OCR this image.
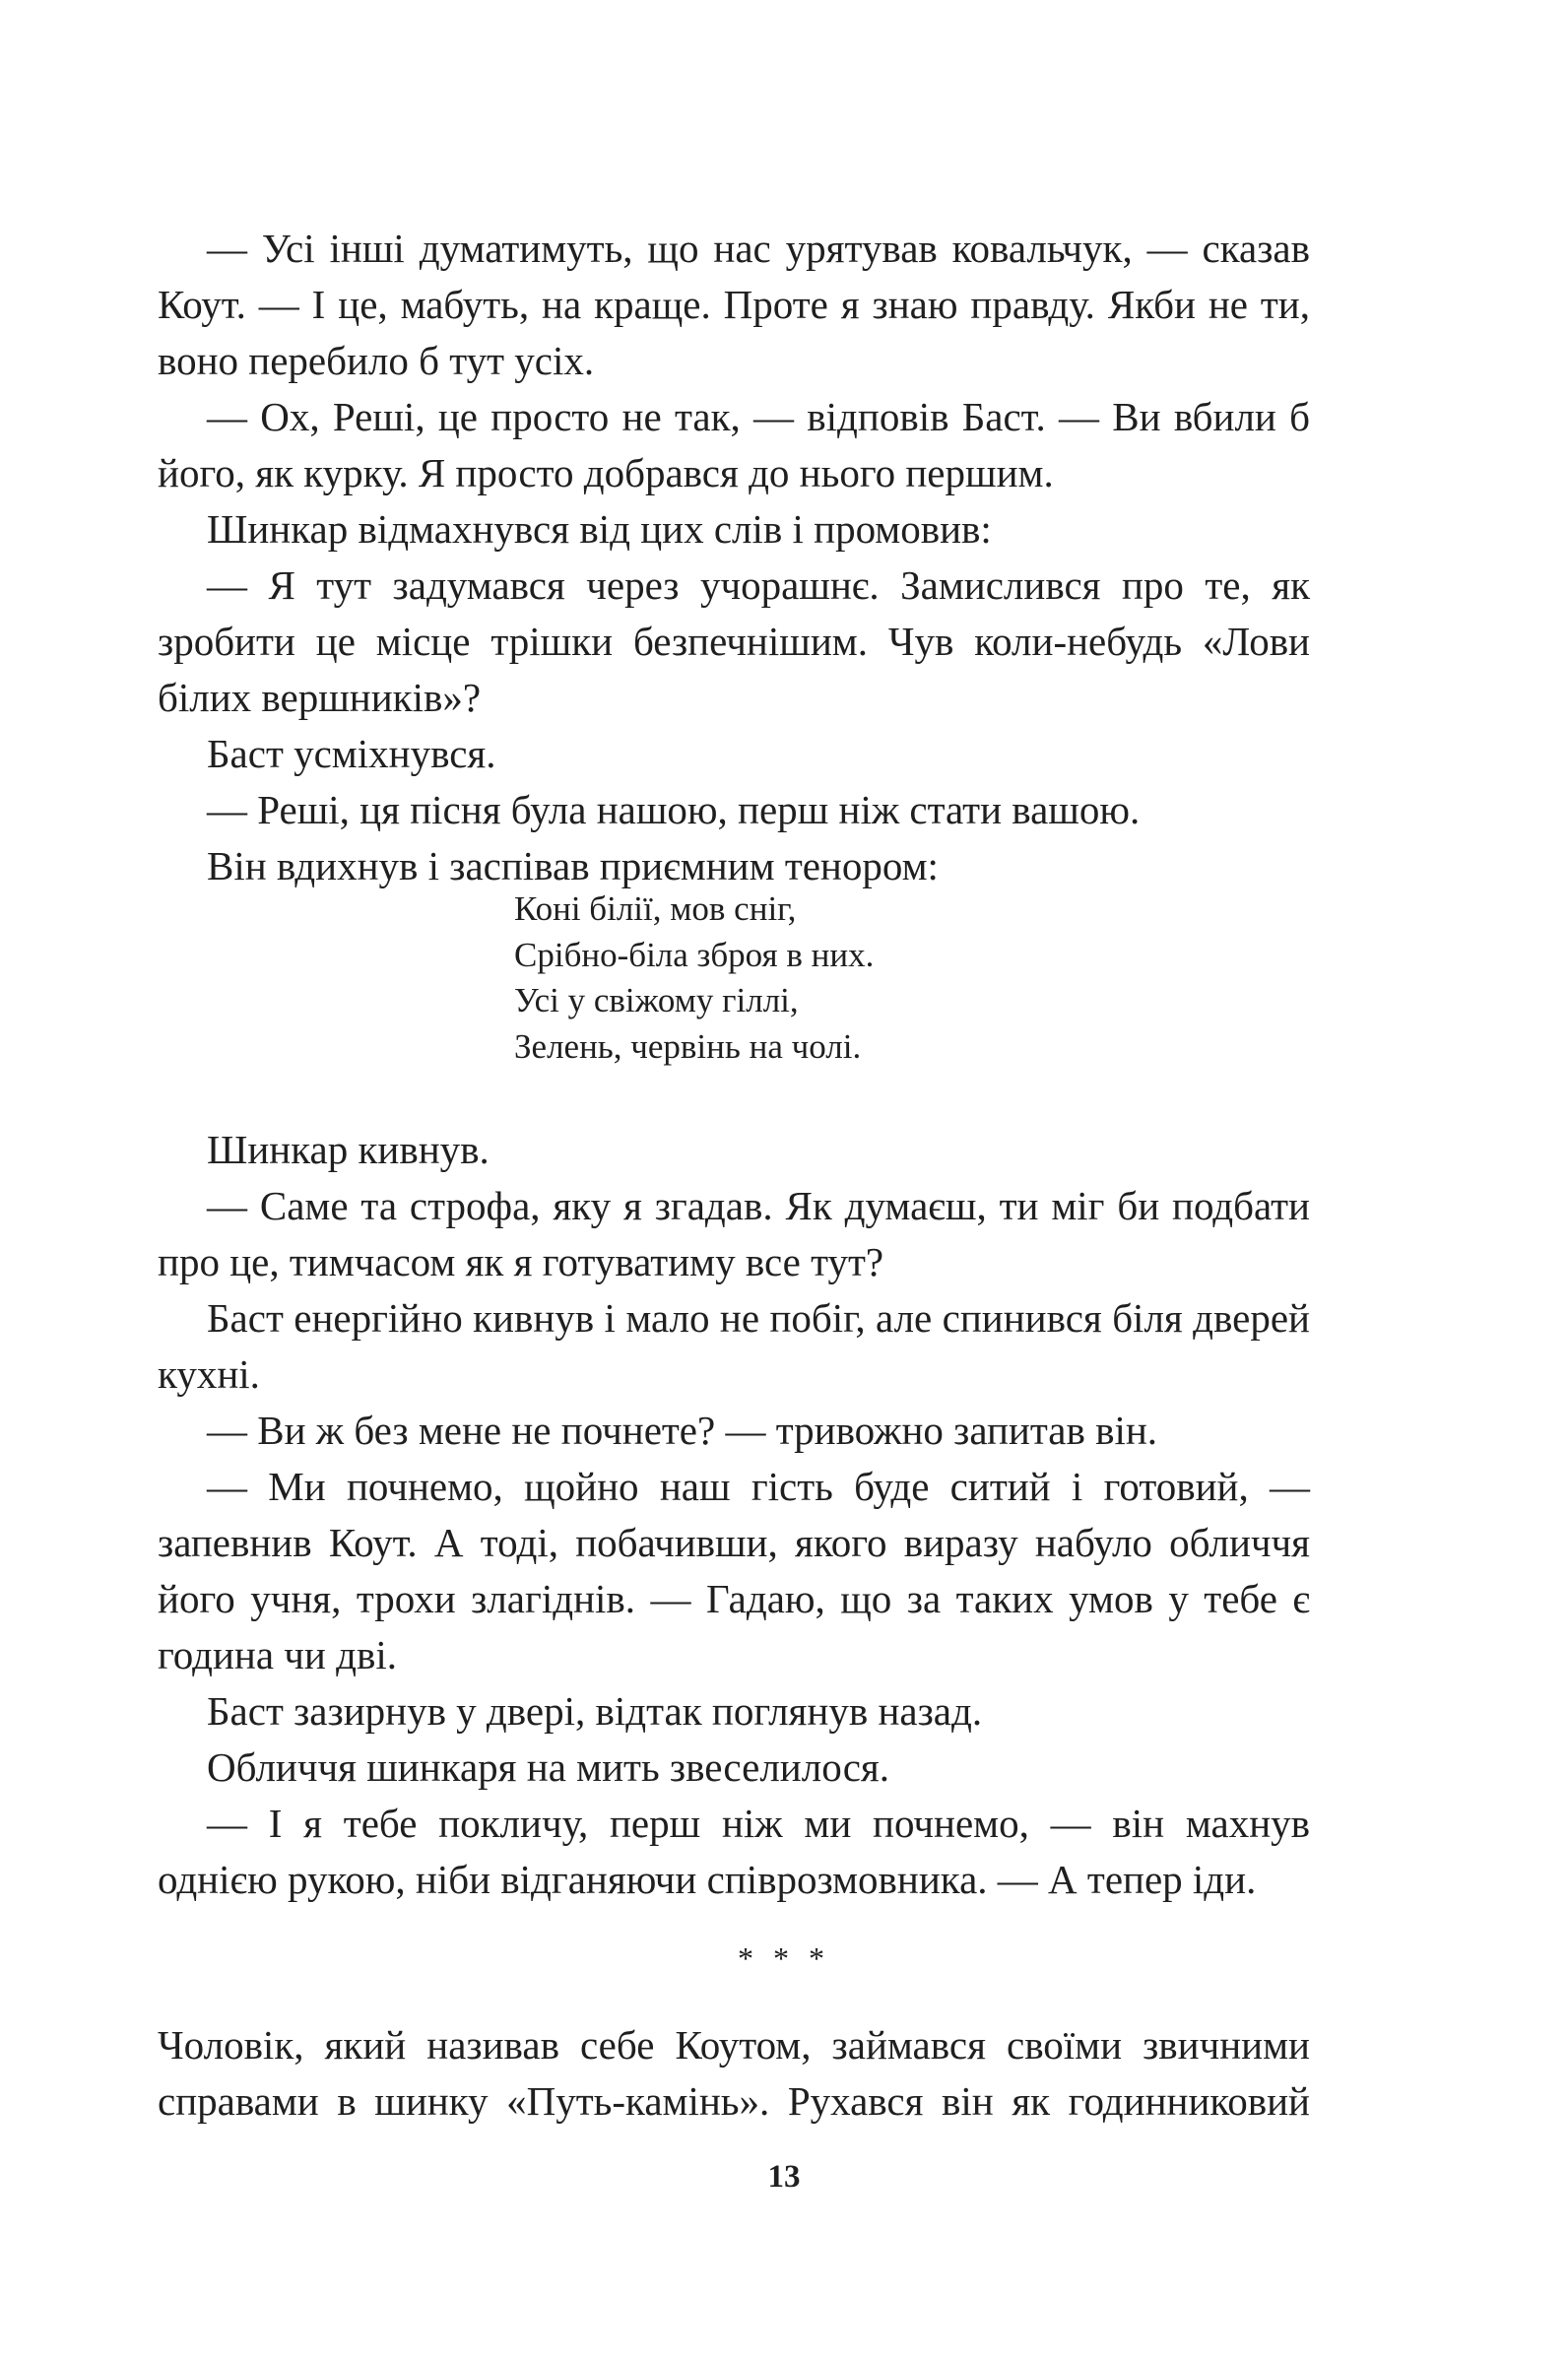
— Усі інші думатимуть, що нас урятував ковальчук, — сказав Коут. — І це, мабуть, на краще. Проте я знаю правду. Якби не ти, воно перебило б тут усіх.

— Ох, Реші, це просто не так, — відповів Баст. — Ви вбили б його, як курку. Я просто добрався до нього першим.

Шинкар відмахнувся від цих слів і промовив:

— Я тут задумався через учорашнє. Замислився про те, як зробити це місце трішки безпечнішим. Чув коли-небудь «Лови білих вершників»?

Баст усміхнувся.

— Реші, ця пісня була нашою, перш ніж стати вашою.

Він вдихнув і заспівав приємним тенором:

Коні білії, мов сніг,
Срібно-біла зброя в них.
Усі у свіжому гіллі,
Зелень, червінь на чолі.

Шинкар кивнув.

— Саме та строфа, яку я згадав. Як думаєш, ти міг би подбати про це, тимчасом як я готуватиму все тут?

Баст енергійно кивнув і мало не побіг, але спинився біля дверей кухні.

— Ви ж без мене не почнете? — тривожно запитав він.

— Ми почнемо, щойно наш гість буде ситий і готовий, — запевнив Коут. А тоді, побачивши, якого виразу набуло обличчя його учня, трохи злагіднів. — Гадаю, що за таких умов у тебе є година чи дві.

Баст зазирнув у двері, відтак поглянув назад.

Обличчя шинкаря на мить звеселилося.

— І я тебе покличу, перш ніж ми почнемо, — він махнув однією рукою, ніби відганяючи співрозмовника. — А тепер іди.

* * *

Чоловік, який називав себе Коутом, займався своїми звичними справами в шинку «Путь-камінь». Рухався він як годинниковий

13
